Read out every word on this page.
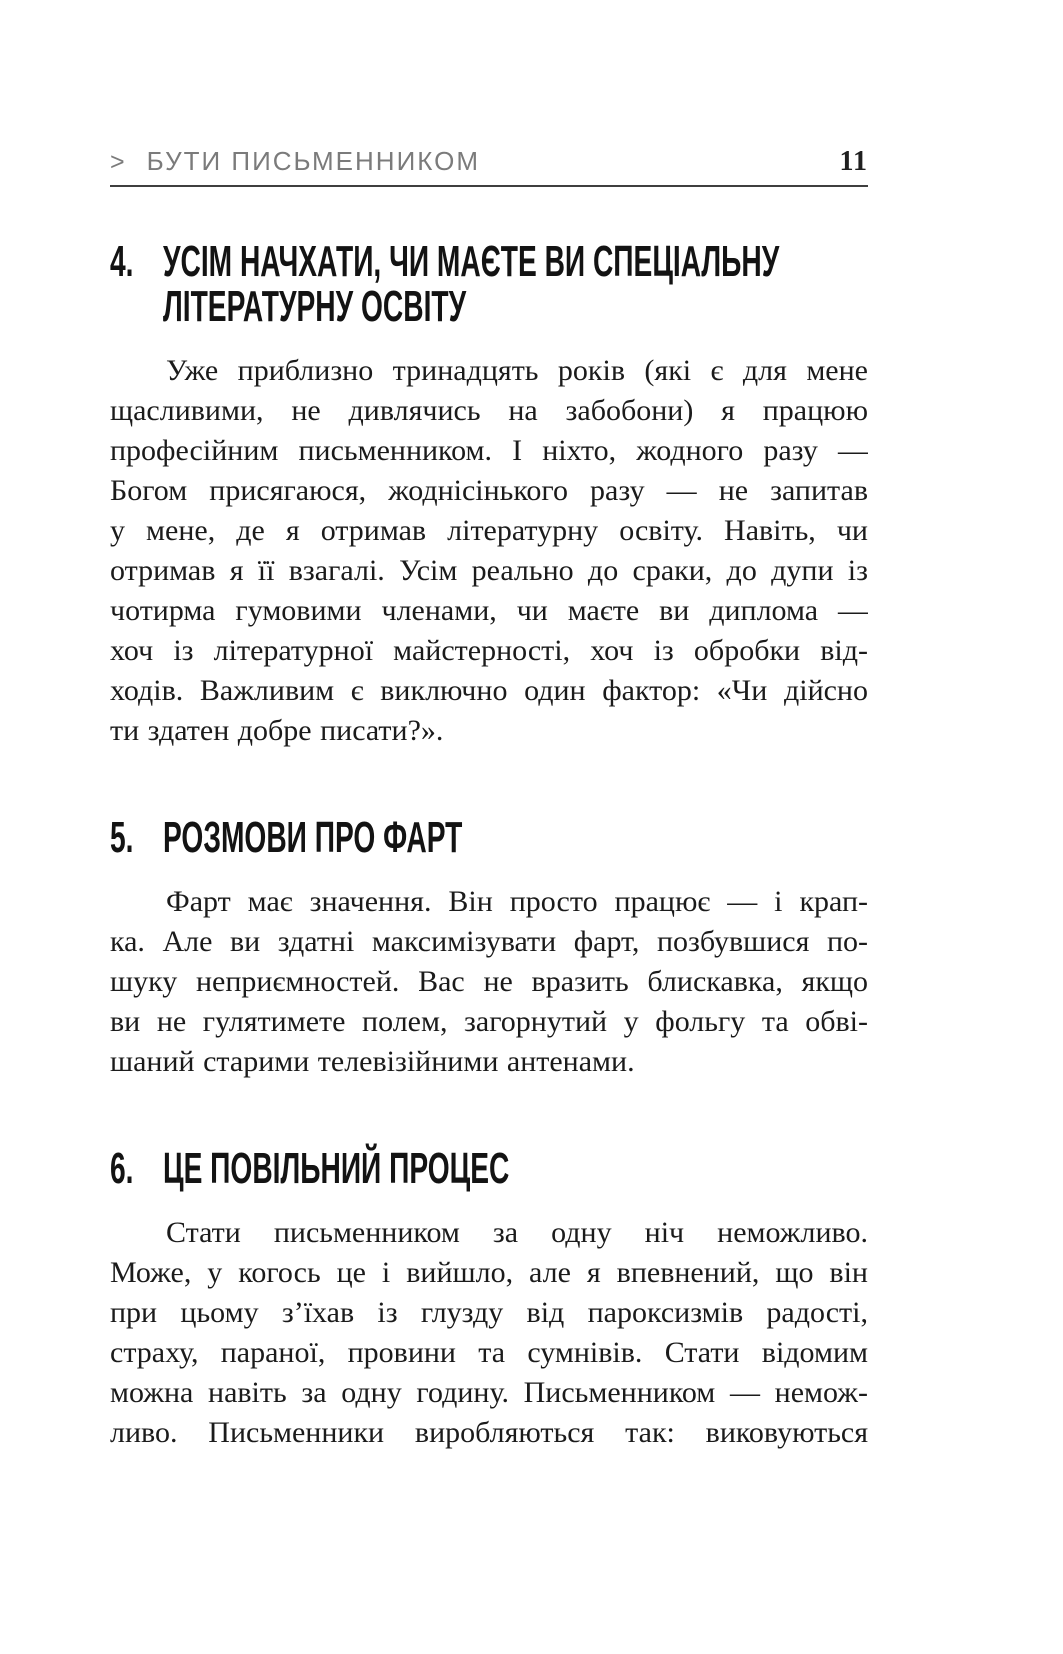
> БУТИ ПИСЬМЕННИКОМ	11
4. УСІМ НАЧХАТИ, ЧИ МАЄТЕ ВИ СПЕЦІАЛЬНУ
ЛІТЕРАТУРНУ ОСВІТУ
Уже приблизно тринадцять років (які є для мене
щасливими, не дивлячись на забобони) я працюю
професійним письменником. І ніхто, жодного разу —
Богом присягаюся, жоднісінького разу — не запитав
у мене, де я отримав літературну освіту. Навіть, чи
отримав я її взагалі. Усім реально до сраки, до дупи із
чотирма гумовими членами, чи маєте ви диплома —
хоч із літературної майстерності, хоч із обробки від-
ходів. Важливим є виключно один фактор: «Чи дійсно
ти здатен добре писати?».
5. РОЗМОВИ ПРО ФАРТ
Фарт має значення. Він просто працює — і крап-
ка. Але ви здатні максимізувати фарт, позбувшися по-
шуку неприємностей. Вас не вразить блискавка, якщо
ви не гулятимете полем, загорнутий у фольгу та обві-
шаний старими телевізійними антенами.
6. ЦЕ ПОВІЛЬНИЙ ПРОЦЕС
Стати письменником за одну ніч неможливо.
Може, у когось це і вийшло, але я впевнений, що він
при цьому з’їхав із глузду від пароксизмів радості,
страху, параної, провини та сумнівів. Стати відомим
можна навіть за одну годину. Письменником — немож-
ливо. Письменники виробляються так: виковуються
